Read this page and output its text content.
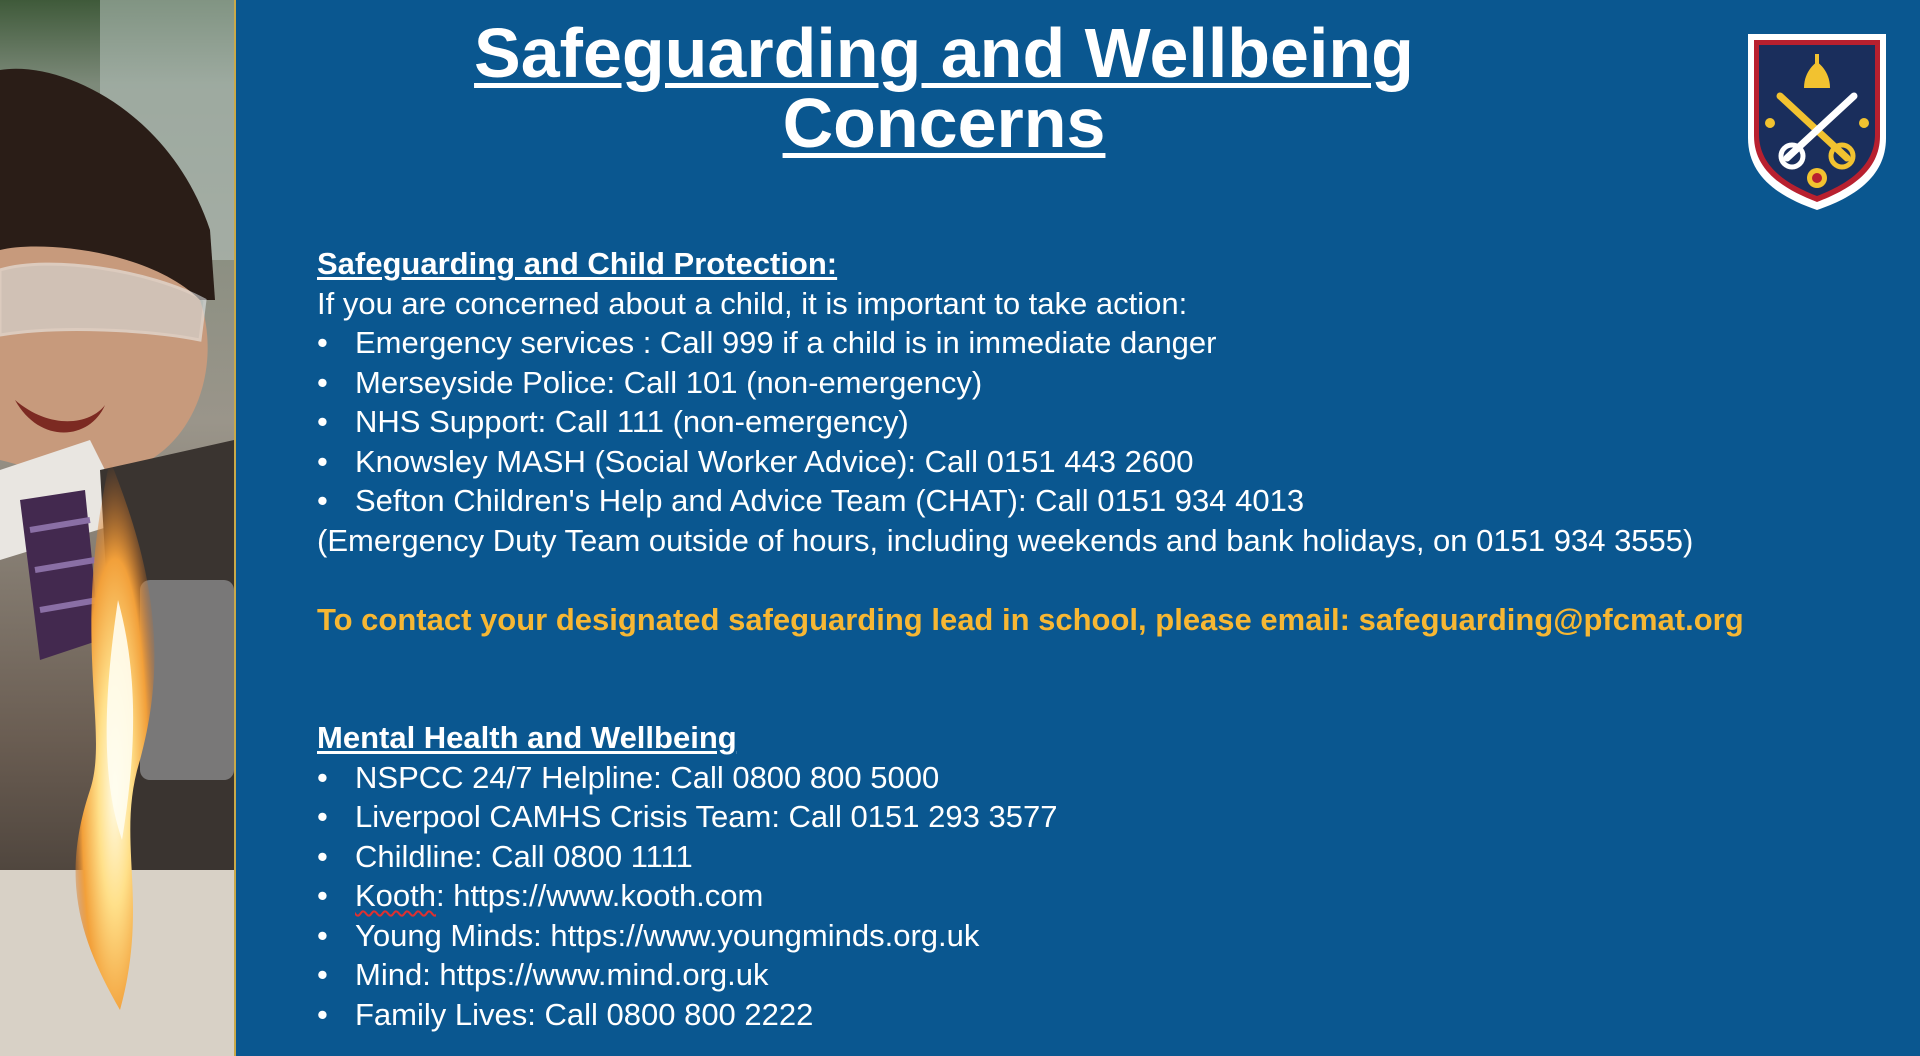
Safeguarding and Wellbeing
Concerns
Safeguarding and Child Protection:
If you are concerned about a child, it is important to take action:
• Emergency services : Call 999 if a child is in immediate danger
• Merseyside Police: Call 101 (non-emergency)
• NHS Support: Call 111 (non-emergency)
• Knowsley MASH (Social Worker Advice): Call 0151 443 2600
• Sefton Children's Help and Advice Team (CHAT): Call 0151 934 4013
(Emergency Duty Team outside of hours, including weekends and bank holidays, on 0151 934 3555)
To contact your designated safeguarding lead in school, please email: safeguarding@pfcmat.org
Mental Health and Wellbeing
• NSPCC 24/7 Helpline: Call 0800 800 5000
• Liverpool CAMHS Crisis Team: Call 0151 293 3577
• Childline: Call 0800 1111
• Kooth: https://www.kooth.com
• Young Minds: https://www.youngminds.org.uk
• Mind: https://www.mind.org.uk
• Family Lives: Call 0800 800 2222
